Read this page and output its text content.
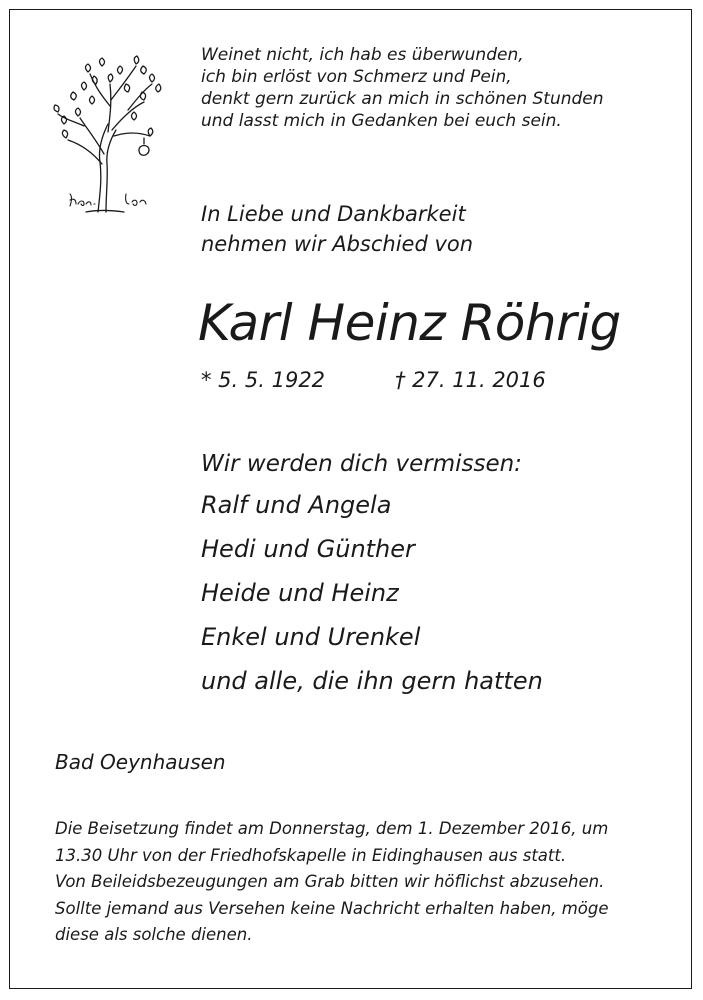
Weinet nicht, ich hab es überwunden,
ich bin erlöst von Schmerz und Pein,
denkt gern zurück an mich in schönen Stunden
und lasst mich in Gedanken bei euch sein.
In Liebe und Dankbarkeit
nehmen wir Abschied von
Karl Heinz Röhrig
* 5. 5. 1922	† 27. 11. 2016
Wir werden dich vermissen:
Ralf und Angela
Hedi und Günther
Heide und Heinz
Enkel und Urenkel
und alle, die ihn gern hatten
Bad Oeynhausen
Die Beisetzung findet am Donnerstag, dem 1. Dezember 2016, um
13.30 Uhr von der Friedhofskapelle in Eidinghausen aus statt.
Von Beileidsbezeugungen am Grab bitten wir höflichst abzusehen.
Sollte jemand aus Versehen keine Nachricht erhalten haben, möge
diese als solche dienen.
